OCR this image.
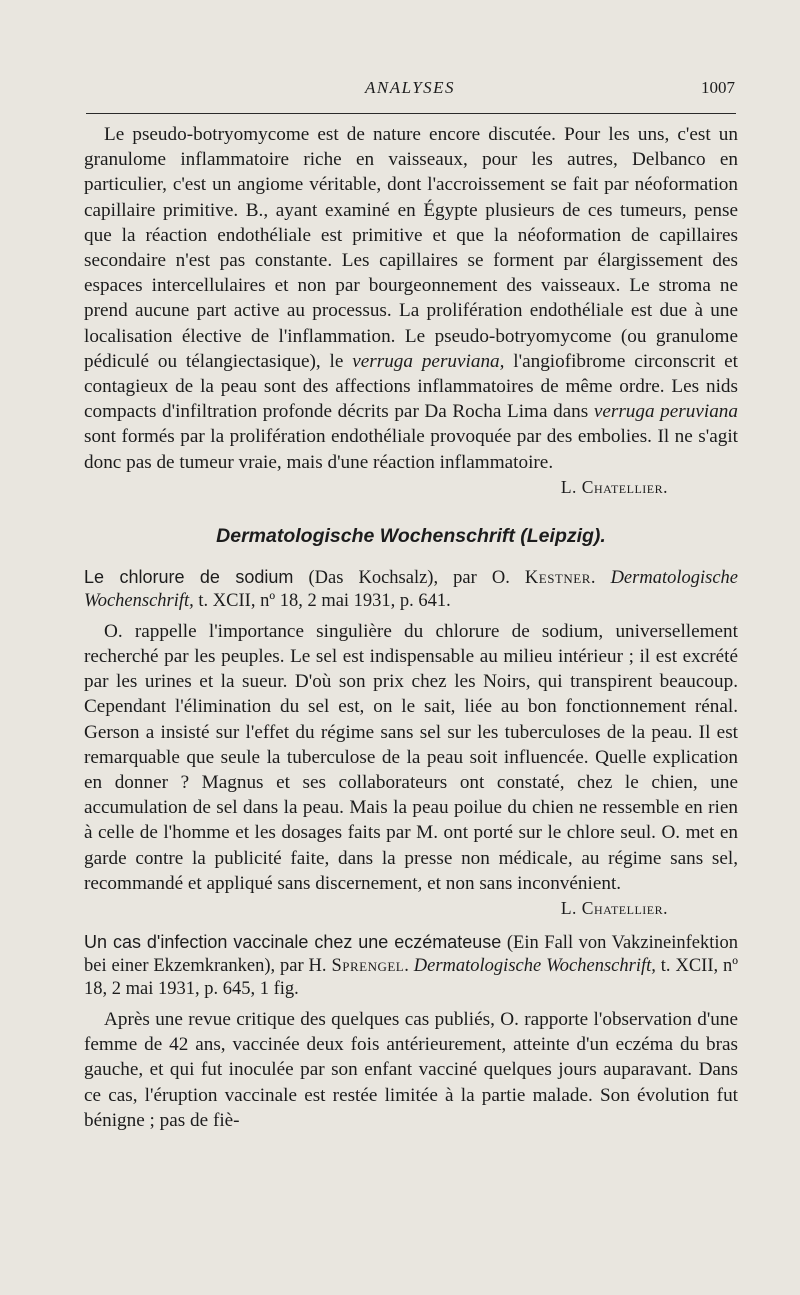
ANALYSES	1007

Le pseudo-botryomycome est de nature encore discutée. Pour les uns, c'est un granulome inflammatoire riche en vaisseaux, pour les autres, Delbanco en particulier, c'est un angiome véritable, dont l'accroissement se fait par néoformation capillaire primitive. B., ayant examiné en Égypte plusieurs de ces tumeurs, pense que la réaction endothéliale est primitive et que la néoformation de capillaires secondaire n'est pas constante. Les capillaires se forment par élargissement des espaces intercellulaires et non par bourgeonnement des vaisseaux. Le stroma ne prend aucune part active au processus. La prolifération endothéliale est due à une localisation élective de l'inflammation. Le pseudo-botryomycome (ou granulome pédiculé ou télangiectasique), le verruga peruviana, l'angiofibrome circonscrit et contagieux de la peau sont des affections inflammatoires de même ordre. Les nids compacts d'infiltration profonde décrits par Da Rocha Lima dans verruga peruviana sont formés par la prolifération endothéliale provoquée par des embolies. Il ne s'agit donc pas de tumeur vraie, mais d'une réaction inflammatoire.

L. Chatellier.

Dermatologische Wochenschrift (Leipzig).

Le chlorure de sodium (Das Kochsalz), par O. Kestner. Dermatologische Wochenschrift, t. XCII, nº 18, 2 mai 1931, p. 641.

O. rappelle l'importance singulière du chlorure de sodium, universellement recherché par les peuples. Le sel est indispensable au milieu intérieur ; il est excrété par les urines et la sueur. D'où son prix chez les Noirs, qui transpirent beaucoup. Cependant l'élimination du sel est, on le sait, liée au bon fonctionnement rénal. Gerson a insisté sur l'effet du régime sans sel sur les tuberculoses de la peau. Il est remarquable que seule la tuberculose de la peau soit influencée. Quelle explication en donner ? Magnus et ses collaborateurs ont constaté, chez le chien, une accumulation de sel dans la peau. Mais la peau poilue du chien ne ressemble en rien à celle de l'homme et les dosages faits par M. ont porté sur le chlore seul. O. met en garde contre la publicité faite, dans la presse non médicale, au régime sans sel, recommandé et appliqué sans discernement, et non sans inconvénient.

L. Chatellier.

Un cas d'infection vaccinale chez une eczémateuse (Ein Fall von Vakzineinfektion bei einer Ekzemkranken), par H. Sprengel. Dermatologische Wochenschrift, t. XCII, nº 18, 2 mai 1931, p. 645, 1 fig.

Après une revue critique des quelques cas publiés, O. rapporte l'observation d'une femme de 42 ans, vaccinée deux fois antérieurement, atteinte d'un eczéma du bras gauche, et qui fut inoculée par son enfant vacciné quelques jours auparavant. Dans ce cas, l'éruption vaccinale est restée limitée à la partie malade. Son évolution fut bénigne ; pas de fiè-
